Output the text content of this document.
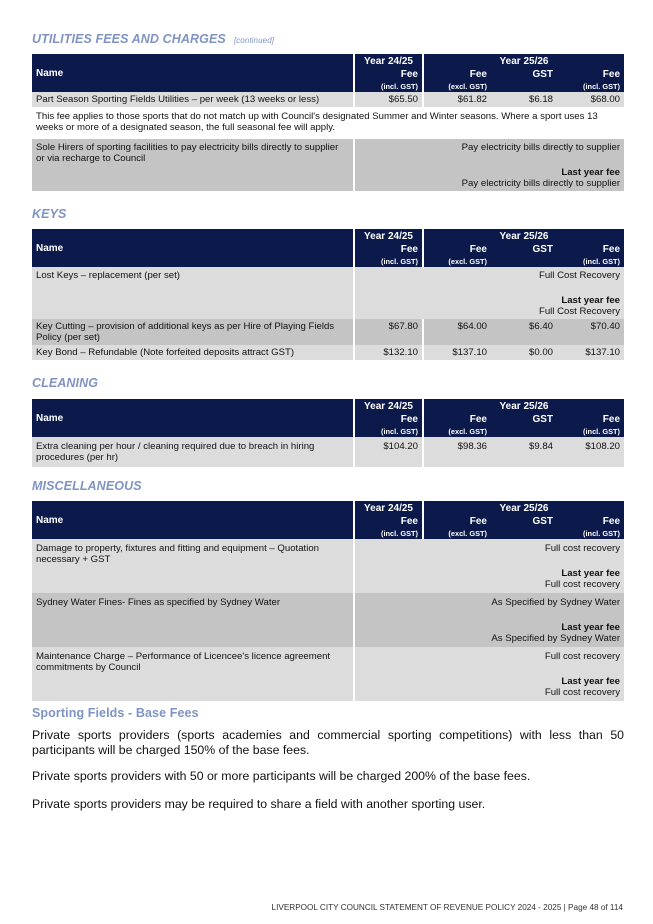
UTILITIES FEES AND CHARGES [continued]
Name	Year 24/25	Year 25/26		
	Fee	Fee	GST	Fee
	(incl. GST)	(excl. GST)		(incl. GST)
Part Season Sporting Fields Utilities – per week (13 weeks or less)	$65.50	$61.82	$6.18	$68.00
This fee applies to those sports that do not match up with Council's designated Summer and Winter seasons. Where a sport uses 13 weeks or more of a designated season, the full seasonal fee will apply.				
Sole Hirers of sporting facilities to pay electricity bills directly to supplier or via recharge to Council	Pay electricity bills directly to supplier
Last year fee
Pay electricity bills directly to supplier			
KEYS
Name	Year 24/25	Year 25/26		
	Fee	Fee	GST	Fee
	(incl. GST)	(excl. GST)		(incl. GST)
Lost Keys – replacement (per set)	Full Cost Recovery
Last year fee
Full Cost Recovery			
Key Cutting – provision of additional keys as per Hire of Playing Fields Policy (per set)	$67.80	$64.00	$6.40	$70.40
Key Bond – Refundable (Note forfeited deposits attract GST)	$132.10	$137.10	$0.00	$137.10
CLEANING
Name	Year 24/25	Year 25/26		
	Fee	Fee	GST	Fee
	(incl. GST)	(excl. GST)		(incl. GST)
Extra cleaning per hour / cleaning required due to breach in hiring procedures (per hr)	$104.20	$98.36	$9.84	$108.20
MISCELLANEOUS
Name	Year 24/25	Year 25/26		
	Fee	Fee	GST	Fee
	(incl. GST)	(excl. GST)		(incl. GST)
Damage to property, fixtures and fitting and equipment – Quotation necessary + GST	Full cost recovery
Last year fee
Full cost recovery			
Sydney Water Fines- Fines as specified by Sydney Water	As Specified by Sydney Water
Last year fee
As Specified by Sydney Water			
Maintenance Charge – Performance of Licencee's licence agreement commitments by Council	Full cost recovery
Last year fee
Full cost recovery			
Sporting Fields - Base Fees
Private sports providers (sports academies and commercial sporting competitions) with less than 50 participants will be charged 150% of the base fees.
Private sports providers with 50 or more participants will be charged 200% of the base fees.
Private sports providers may be required to share a field with another sporting user.
LIVERPOOL CITY COUNCIL STATEMENT OF REVENUE POLICY 2024 - 2025 | Page 48 of 114
